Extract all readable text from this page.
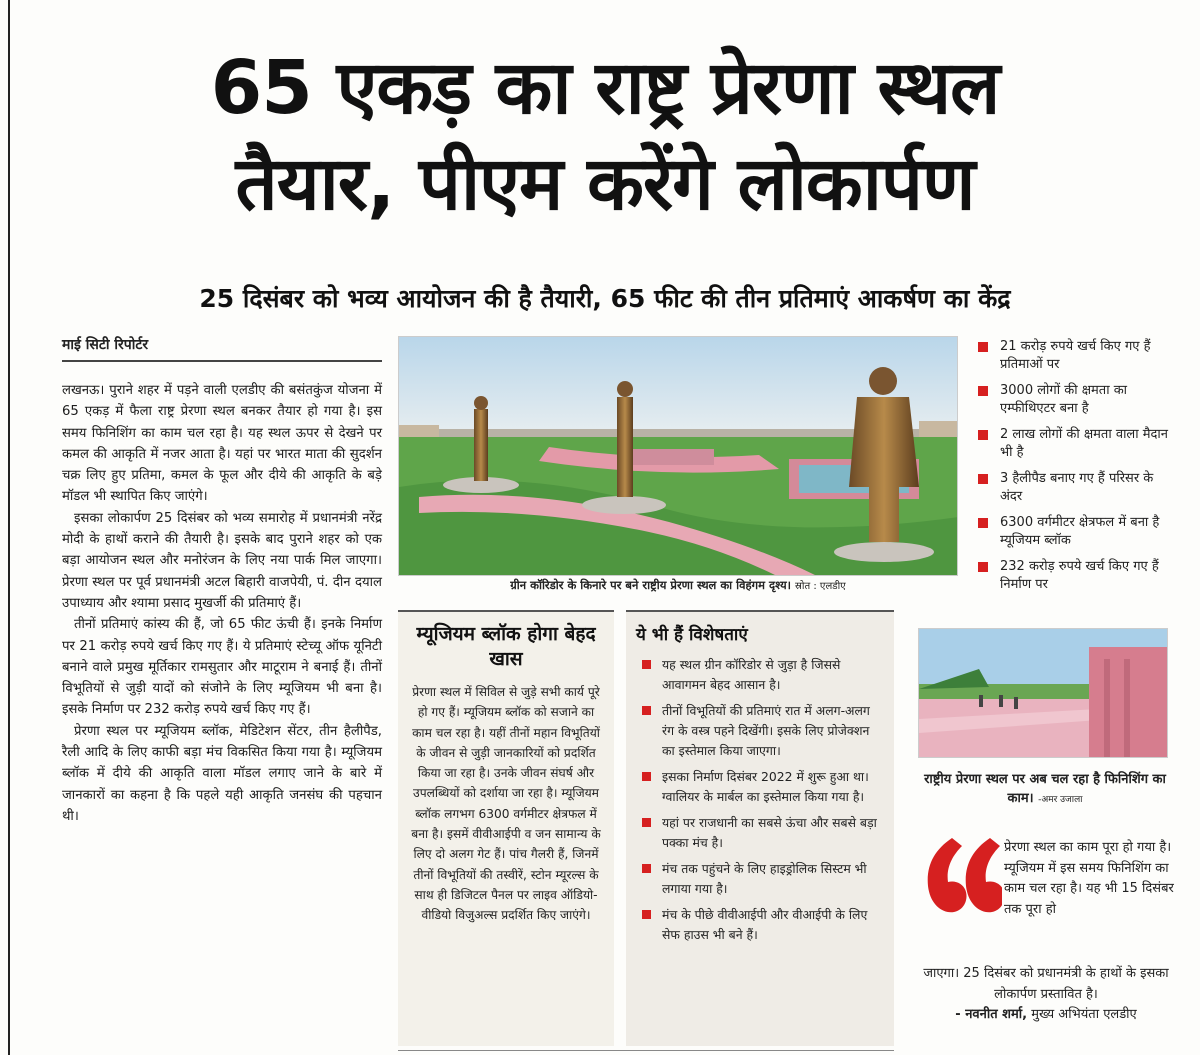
65 एकड़ का राष्ट्र प्रेरणा स्थल
तैयार, पीएम करेंगे लोकार्पण
25 दिसंबर को भव्य आयोजन की है तैयारी, 65 फीट की तीन प्रतिमाएं आकर्षण का केंद्र
माई सिटी रिपोर्टर

लखनऊ। पुराने शहर में पड़ने वाली एलडीए की बसंतकुंज योजना में 65 एकड़ में फैला राष्ट्र प्रेरणा स्थल बनकर तैयार हो गया है। इस समय फिनिशिंग का काम चल रहा है। यह स्थल ऊपर से देखने पर कमल की आकृति में नजर आता है। यहां पर भारत माता की सुदर्शन चक्र लिए हुए प्रतिमा, कमल के फूल और दीये की आकृति के बड़े मॉडल भी स्थापित किए जाएंगे।

इसका लोकार्पण 25 दिसंबर को भव्य समारोह में प्रधानमंत्री नरेंद्र मोदी के हाथों कराने की तैयारी है। इसके बाद पुराने शहर को एक बड़ा आयोजन स्थल और मनोरंजन के लिए नया पार्क मिल जाएगा। प्रेरणा स्थल पर पूर्व प्रधानमंत्री अटल बिहारी वाजपेयी, पं. दीन दयाल उपाध्याय और श्यामा प्रसाद मुखर्जी की प्रतिमाएं हैं।

तीनों प्रतिमाएं कांस्य की हैं, जो 65 फीट ऊंची हैं। इनके निर्माण पर 21 करोड़ रुपये खर्च किए गए हैं। ये प्रतिमाएं स्टेच्यू ऑफ यूनिटी बनाने वाले प्रमुख मूर्तिकार रामसुतार और माटूराम ने बनाई हैं। तीनों विभूतियों से जुड़ी यादों को संजोने के लिए म्यूजियम भी बना है। इसके निर्माण पर 232 करोड़ रुपये खर्च किए गए हैं।

प्रेरणा स्थल पर म्यूजियम ब्लॉक, मेडिटेशन सेंटर, तीन हैलीपैड, रैली आदि के लिए काफी बड़ा मंच विकसित किया गया है। म्यूजियम ब्लॉक में दीये की आकृति वाला मॉडल लगाए जाने के बारे में जानकारों का कहना है कि पहले यही आकृति जनसंघ की पहचान थी।

ग्रीन कॉरिडोर के किनारे पर बने राष्ट्रीय प्रेरणा स्थल का विहंगम दृश्य। स्रोत : एलडीए
21 करोड़ रुपये खर्च किए गए हैं प्रतिमाओं पर
3000 लोगों की क्षमता का एम्फीथिएटर बना है
2 लाख लोगों की क्षमता वाला मैदान भी है
3 हैलीपैड बनाए गए हैं परिसर के अंदर
6300 वर्गमीटर क्षेत्रफल में बना है म्यूजियम ब्लॉक
232 करोड़ रुपये खर्च किए गए हैं निर्माण पर
म्यूजियम ब्लॉक होगा बेहद खास

प्रेरणा स्थल में सिविल से जुड़े सभी कार्य पूरे हो गए हैं। म्यूजियम ब्लॉक को सजाने का काम चल रहा है। यहीं तीनों महान विभूतियों के जीवन से जुड़ी जानकारियों को प्रदर्शित किया जा रहा है। उनके जीवन संघर्ष और उपलब्धियों को दर्शाया जा रहा है। म्यूजियम ब्लॉक लगभग 6300 वर्गमीटर क्षेत्रफल में बना है। इसमें वीवीआईपी व जन सामान्य के लिए दो अलग गेट हैं। पांच गैलरी हैं, जिनमें तीनों विभूतियों की तस्वीरें, स्टोन म्यूरल्स के साथ ही डिजिटल पैनल पर लाइव ऑडियो-वीडियो विजुअल्स प्रदर्शित किए जाएंगे।

ये भी हैं विशेषताएं
यह स्थल ग्रीन कॉरिडोर से जुड़ा है जिससे आवागमन बेहद आसान है।
तीनों विभूतियों की प्रतिमाएं रात में अलग-अलग रंग के वस्त्र पहने दिखेंगी। इसके लिए प्रोजेक्शन का इस्तेमाल किया जाएगा।
इसका निर्माण दिसंबर 2022 में शुरू हुआ था। ग्वालियर के मार्बल का इस्तेमाल किया गया है।
यहां पर राजधानी का सबसे ऊंचा और सबसे बड़ा पक्का मंच है।
मंच तक पहुंचने के लिए हाइड्रोलिक सिस्टम भी लगाया गया है।
मंच के पीछे वीवीआईपी और वीआईपी के लिए सेफ हाउस भी बने हैं।
राष्ट्रीय प्रेरणा स्थल पर अब चल रहा है फिनिशिंग का काम। -अमर उजाला
प्रेरणा स्थल का काम पूरा हो गया है। म्यूजियम में इस समय फिनिशिंग का काम चल रहा है। यह भी 15 दिसंबर तक पूरा हो
जाएगा। 25 दिसंबर को प्रधानमंत्री के हाथों के इसका लोकार्पण प्रस्तावित है।
- नवनीत शर्मा, मुख्य अभियंता एलडीए
